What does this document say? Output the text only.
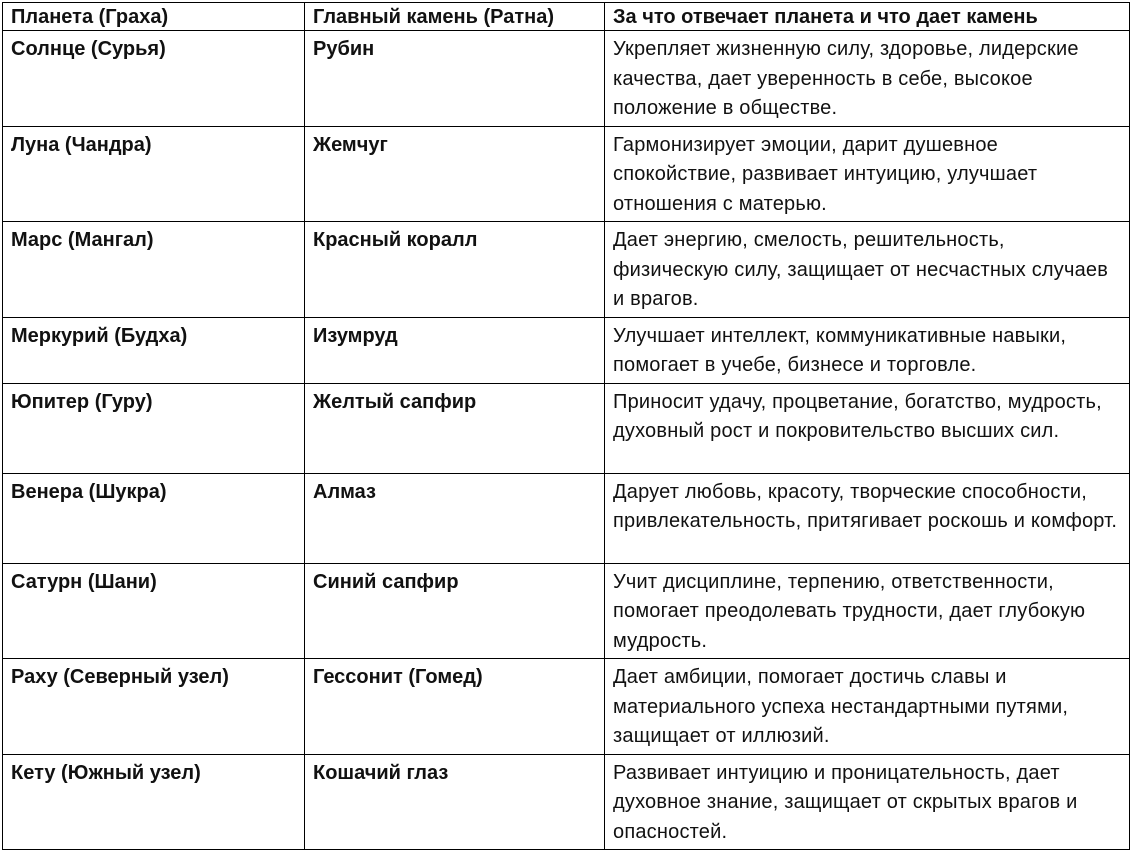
Планета (Граха)	Главный камень (Ратна)	За что отвечает планета и что дает камень
Солнце (Сурья)	Рубин	Укрепляет жизненную силу, здоровье, лидерские качества, дает уверенность в себе, высокое положение в обществе.
Луна (Чандра)	Жемчуг	Гармонизирует эмоции, дарит душевное спокойствие, развивает интуицию, улучшает отношения с матерью.
Марс (Мангал)	Красный коралл	Дает энергию, смелость, решительность, физическую силу, защищает от несчастных случаев и врагов.
Меркурий (Будха)	Изумруд	Улучшает интеллект, коммуникативные навыки, помогает в учебе, бизнесе и торговле.
Юпитер (Гуру)	Желтый сапфир	Приносит удачу, процветание, богатство, мудрость, духовный рост и покровительство высших сил.
Венера (Шукра)	Алмаз	Дарует любовь, красоту, творческие способности, привлекательность, притягивает роскошь и комфорт.
Сатурн (Шани)	Синий сапфир	Учит дисциплине, терпению, ответственности, помогает преодолевать трудности, дает глубокую мудрость.
Раху (Северный узел)	Гессонит (Гомед)	Дает амбиции, помогает достичь славы и материального успеха нестандартными путями, защищает от иллюзий.
Кету (Южный узел)	Кошачий глаз	Развивает интуицию и проницательность, дает духовное знание, защищает от скрытых врагов и опасностей.
